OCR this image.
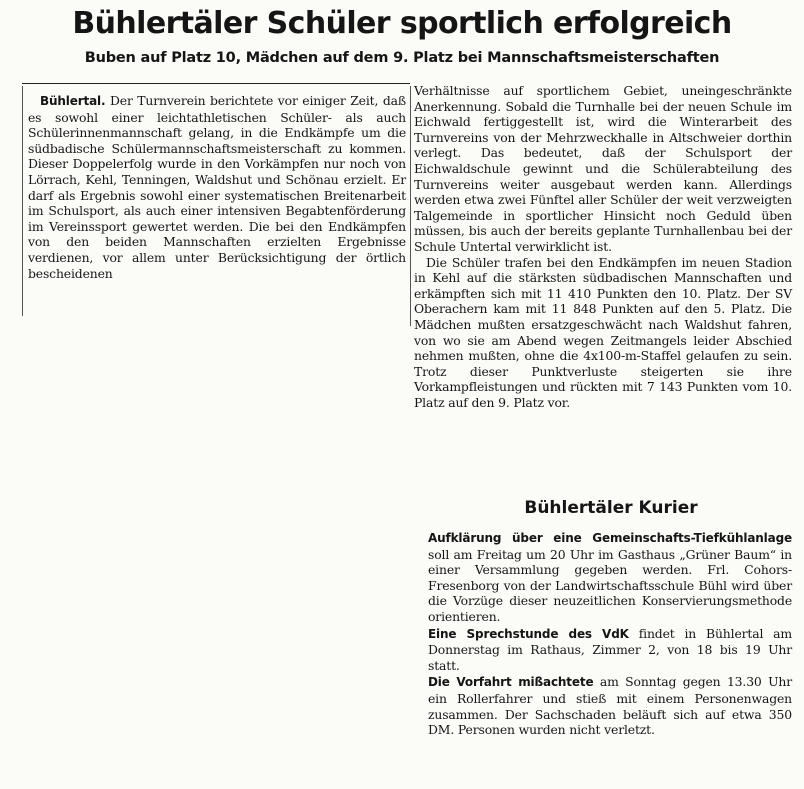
Bühlertäler Schüler sportlich erfolgreich
Buben auf Platz 10, Mädchen auf dem 9. Platz bei Mannschaftsmeisterschaften

Bühlertal. Der Turnverein berichtete vor einiger Zeit, daß es sowohl einer leichtathletischen Schüler- als auch Schülerinnenmannschaft gelang, in die Endkämpfe um die südbadische Schülermannschaftsmeisterschaft zu kommen. Dieser Doppelerfolg wurde in den Vorkämpfen nur noch von Lörrach, Kehl, Tenningen, Waldshut und Schönau erzielt. Er darf als Ergebnis sowohl einer systematischen Breitenarbeit im Schulsport, als auch einer intensiven Begabtenförderung im Vereinssport gewertet werden. Die bei den Endkämpfen von den beiden Mannschaften erzielten Ergebnisse verdienen, vor allem unter Berücksichtigung der örtlich bescheidenen

Verhältnisse auf sportlichem Gebiet, uneingeschränkte Anerkennung. Sobald die Turnhalle bei der neuen Schule im Eichwald fertiggestellt ist, wird die Winterarbeit des Turnvereins von der Mehrzweckhalle in Altschweier dorthin verlegt. Das bedeutet, daß der Schulsport der Eichwaldschule gewinnt und die Schülerabteilung des Turnvereins weiter ausgebaut werden kann. Allerdings werden etwa zwei Fünftel aller Schüler der weit verzweigten Talgemeinde in sportlicher Hinsicht noch Geduld üben müssen, bis auch der bereits geplante Turnhallenbau bei der Schule Untertal verwirklicht ist.

Die Schüler trafen bei den Endkämpfen im neuen Stadion in Kehl auf die stärksten südbadischen Mannschaften und erkämpften sich mit 11 410 Punkten den 10. Platz. Der SV Oberachern kam mit 11 848 Punkten auf den 5. Platz. Die Mädchen mußten ersatzgeschwächt nach Waldshut fahren, von wo sie am Abend wegen Zeitmangels leider Abschied nehmen mußten, ohne die 4x100-m-Staffel gelaufen zu sein. Trotz dieser Punktverluste steigerten sie ihre Vorkampfleistungen und rückten mit 7 143 Punkten vom 10. Platz auf den 9. Platz vor.

Bühlertäler Kurier

Aufklärung über eine Gemeinschafts-Tiefkühlanlage soll am Freitag um 20 Uhr im Gasthaus „Grüner Baum“ in einer Versammlung gegeben werden. Frl. Cohors-Fresenborg von der Landwirtschaftsschule Bühl wird über die Vorzüge dieser neuzeitlichen Konservierungsmethode orientieren.

Eine Sprechstunde des VdK findet in Bühlertal am Donnerstag im Rathaus, Zimmer 2, von 18 bis 19 Uhr statt.

Die Vorfahrt mißachtete am Sonntag gegen 13.30 Uhr ein Rollerfahrer und stieß mit einem Personenwagen zusammen. Der Sachschaden beläuft sich auf etwa 350 DM. Personen wurden nicht verletzt.
